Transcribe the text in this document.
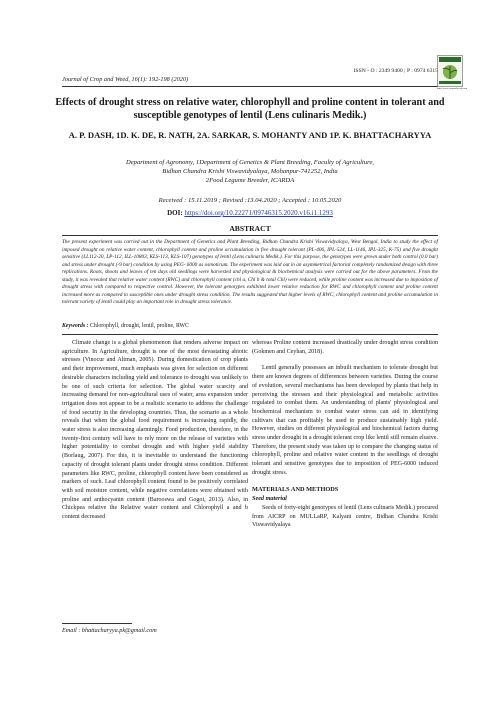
ISSN - O : 2349 9400 ; P : 0974 6315
Journal of Crop and Weed, 16(1): 192-198 (2020)
http://www.cropandweed.com
Effects of drought stress on relative water, chlorophyll and proline content in tolerant and susceptible genotypes of lentil (Lens culinaris Medik.)
A. P. DASH, 1D. K. DE, R. NATH, 2A. SARKAR, S. MOHANTY AND 1P. K. BHATTACHARYYA
Department of Agronomy, 1Department of Genetics & Plant Breeding, Faculty of Agriculture,
Bidhan Chandra Krishi Viswavidyalaya, Mohanpur-741252, India
2Food Legume Breeder, ICARDA
Received : 15.11.2019 ; Revised :13.04.2020 ; Accepted : 10.05.2020
DOI: https://doi.org/10.22271/09746315.2020.v16.i1.1293
ABSTRACT
The present experiment was carried out in the Department of Genetics and Plant Breeding, Bidhan Chandra Krishi Viswavidyalaya, West Bengal, India to study the effect of imposed drought on relative water content, chlorophyll content and proline accumulation in five drought tolerant (PL-406, IPL-524, LL-1146, IPL-325, K-75) and five drought sensitive (LL112-20, LP-112, ILL-10803, KLS-113, KLS-107) genotypes of lentil (Lens culinaris Medik.). For this purpose, the genotypes were grown under both control (0.0 bar) and stress under drought (-9 bar) condition by using PEG- 6000 as osmoticum. The experiment was laid out in an asymmetrical factorial completely randomized design with three replications. Roots, shoots and leaves of ten days old seedlings were harvested and physiological & biochemical analysis were carried out for the above parameters. From the study, it was revealed that relative water content (RWC) and chlorophyll content (chl a, Chl b & total Chl) were reduced, while proline content was increased due to imposition of drought stress with compared to respective control. However, the tolerant genotypes exhibited lower relative reduction for RWC and chlorophyll content and proline content increased more as compared to susceptible ones under drought stress condition. The results suggested that higher levels of RWC, chlorophyll content and proline accumulation in tolerant variety of lentil could play an important role in drought stress tolerance.
Keywords : Chlorophyll, drought, lentil, proline, RWC

Climate change is a global phenomenon that renders adverse impact on agriculture. In Agriculture, drought is one of the most devastating abiotic stresses (Vinocur and Altman, 2005). During domestication of crop plants and their improvement, much emphasis was given for selection on different desirable characters including yield and tolerance to drought was unlikely to be one of such criteria for selection. The global water scarcity and increasing demand for non-agricultural uses of water, area expansion under irrigation does not appear to be a realistic scenario to address the challenge of food security in the developing countries. Thus, the scenario as a whole reveals that when the global food requirement is increasing rapidly, the water stress is also increasing alarmingly. Food production, therefore, in the twenty-first century will have to rely more on the release of varieties with higher potentiality to combat drought and with higher yield stability (Borlaug, 2007). For this, it is inevitable to understand the functioning capacity of drought tolerant plants under drought stress condition. Different parameters like RWC, proline, chlorophyll content have been considered as markers of such. Leaf chlorophyll content found to be positively correlated with soil moisture content, while negative correlations were obtained with proline and anthocyanin content (Barooswa and Gogoi, 2013). Also, in Chickpea relative the Relative water content and Chlorophyll a and b content decreased

whereas Proline content increased drastically under drought stress condition (Gokmen and Ceyhan, 2018).

Lentil generally possesses an inbuilt mechanism to tolerate drought but there are known degrees of differences between varieties. During the course of evolution, several mechanisms has been developed by plants that help in perceiving the stresses and their physiological and metabolic activities regulated to combat them. An understanding of plants' physiological and biochemical mechanism to combat water stress can aid in identifying cultivars that can profitably be used to produce sustainably high yield. However, studies on different physiological and biochemical factors during stress under drought in a drought tolerant crop like lentil still remain elusive. Therefore, the present study was taken up to compare the changing status of chlorophyll, proline and relative water content in the seedlings of drought tolerant and sensitive genotypes due to imposition of PEG-6000 induced drought stress.

MATERIALS AND METHODS
Seed material

Seeds of forty-eight genotypes of lentil (Lens culinaris Medik.) procured from AICRP on MULLaRP, Kalyani centre, Bidhan Chandra Krishi Viswavidyalaya

Email : bhattacharyya.pk@gmail.com
